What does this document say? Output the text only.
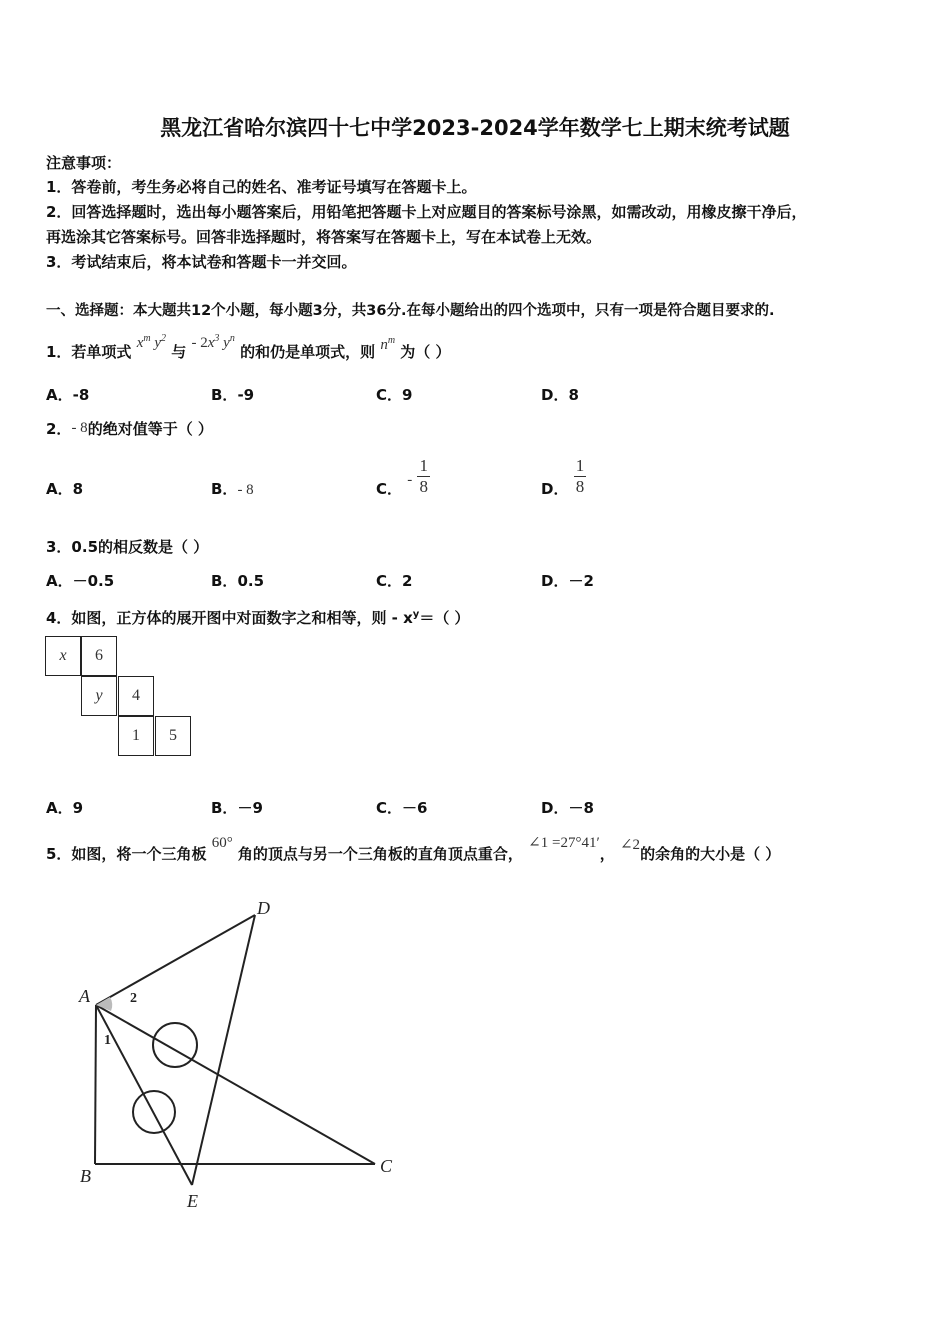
黑龙江省哈尔滨四十七中学2023-2024学年数学七上期末统考试题
注意事项：
1．答卷前，考生务必将自己的姓名、准考证号填写在答题卡上。
2．回答选择题时，选出每小题答案后，用铅笔把答题卡上对应题目的答案标号涂黑，如需改动，用橡皮擦干净后，
再选涂其它答案标号。回答非选择题时，将答案写在答题卡上，写在本试卷上无效。
3．考试结束后，将本试卷和答题卡一并交回。
一、选择题：本大题共12个小题，每小题3分，共36分.在每小题给出的四个选项中，只有一项是符合题目要求的.
1．若单项式 $x^m$ $y^2$ 与 - $2x^3$ $y^n$ 的和仍是单项式，则 $n^m$ 为（ ）
A．-8	B．-9	C．9	D．8
2．- 8的绝对值等于（ ）
A．8	B．- 8	C． - $\frac{1}{8}$	D． $\frac{1}{8}$
3．0.5的相反数是（ ）
A．－0.5	B．0.5	C．2	D．－2
4．如图，正方体的展开图中对面数字之和相等，则 - $x^y=$（ ）
x	6
y	4
1	5
A．9	B．－9	C．－6	D．－8
5．如图，将一个三角板 60° 角的顶点与另一个三角板的直角顶点重合， ∠1 =27°41′， ∠2的余角的大小是（ ）
A
D
B	C
E
2
1
